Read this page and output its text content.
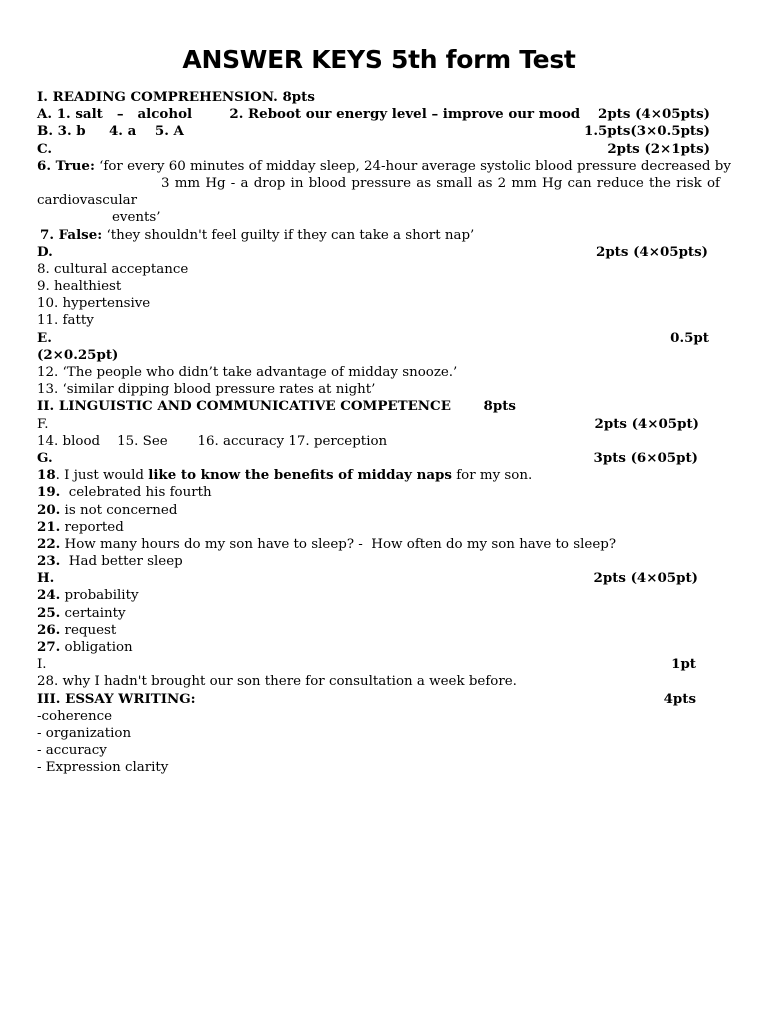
ANSWER KEYS 5th form Test
I. READING COMPREHENSION. 8pts
A. 1. salt   –   alcohol        2. Reboot our energy level – improve our mood 2pts (4×05pts)
B. 3. b     4. a    5. A	1.5pts(3×0.5pts)
C.	2pts (2×1pts)
6. True: ‘for every 60 minutes of midday sleep, 24-hour average systolic blood pressure decreased by
3 mm Hg - a drop in blood pressure as small as 2 mm Hg can reduce the risk of
cardiovascular
events’
7. False: ‘they shouldn't feel guilty if they can take a short nap’
D.	2pts (4×05pts)
8. cultural acceptance
9. healthiest
10. hypertensive
11. fatty
E.	0.5pt
(2×0.25pt)
12. ‘The people who didn’t take advantage of midday snooze.’
13. ‘similar dipping blood pressure rates at night’
II. LINGUISTIC AND COMMUNICATIVE COMPETENCE       8pts
F.	2pts (4×05pt)
14. blood    15. See       16. accuracy 17. perception
G.	3pts (6×05pt)
18. I just would like to know the benefits of midday naps for my son.
19.  celebrated his fourth
20. is not concerned
21. reported
22. How many hours do my son have to sleep? -  How often do my son have to sleep?
23.  Had better sleep
H.	2pts (4×05pt)
24. probability
25. certainty
26. request
27. obligation
I.	1pt
28. why I hadn't brought our son there for consultation a week before.
III. ESSAY WRITING:	4pts
-coherence
- organization
- accuracy
- Expression clarity
